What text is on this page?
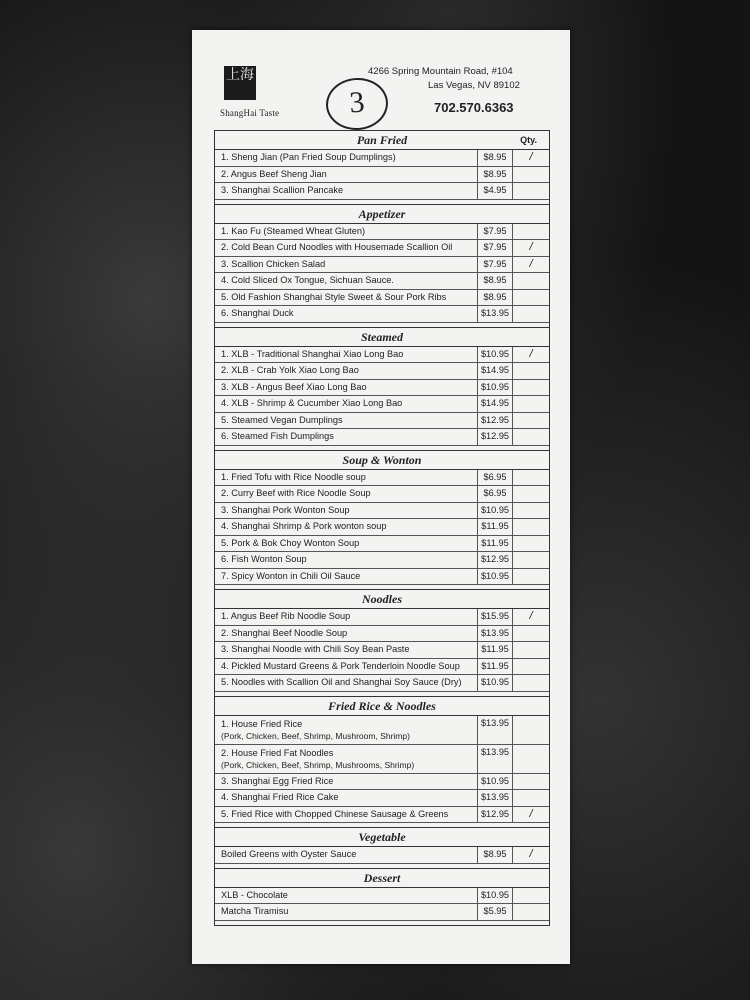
上海
ShangHai Taste	3
4266 Spring Mountain Road, #104
Las Vegas, NV 89102
702.570.6363
Pan Fried	Qty.
1. Sheng Jian (Pan Fried Soup Dumplings)	$8.95	/
2. Angus Beef Sheng Jian	$8.95
3. Shanghai Scallion Pancake	$4.95
Appetizer
1. Kao Fu (Steamed Wheat Gluten)	$7.95
2. Cold Bean Curd Noodles with Housemade Scallion Oil	$7.95	/
3. Scallion Chicken Salad	$7.95	/
4. Cold Sliced Ox Tongue, Sichuan Sauce.	$8.95
5. Old Fashion Shanghai Style Sweet & Sour Pork Ribs	$8.95
6. Shanghai Duck	$13.95
Steamed
1. XLB - Traditional Shanghai Xiao Long Bao	$10.95	/
2. XLB - Crab Yolk Xiao Long Bao	$14.95
3. XLB - Angus Beef Xiao Long Bao	$10.95
4. XLB - Shrimp & Cucumber Xiao Long Bao	$14.95
5. Steamed Vegan Dumplings	$12.95
6. Steamed Fish Dumplings	$12.95
Soup & Wonton
1. Fried Tofu with Rice Noodle soup	$6.95
2. Curry Beef with Rice Noodle Soup	$6.95
3. Shanghai Pork Wonton Soup	$10.95
4. Shanghai Shrimp & Pork wonton soup	$11.95
5. Pork & Bok Choy Wonton Soup	$11.95
6. Fish Wonton Soup	$12.95
7. Spicy Wonton in Chili Oil Sauce	$10.95
Noodles
1. Angus Beef Rib Noodle Soup	$15.95	/
2. Shanghai Beef Noodle Soup	$13.95
3. Shanghai Noodle with Chili Soy Bean Paste	$11.95
4. Pickled Mustard Greens & Pork Tenderloin Noodle Soup	$11.95
5. Noodles with Scallion Oil and Shanghai Soy Sauce (Dry)	$10.95
Fried Rice & Noodles
1. House Fried Rice
(Pork, Chicken, Beef, Shrimp, Mushroom, Shrimp)
$13.95
2. House Fried Fat Noodles
(Pork, Chicken, Beef, Shrimp, Mushrooms, Shrimp)
$13.95
3. Shanghai Egg Fried Rice	$10.95
4. Shanghai Fried Rice Cake	$13.95
5. Fried Rice with Chopped Chinese Sausage & Greens	$12.95	/
Vegetable
Boiled Greens with Oyster Sauce	$8.95	/
Dessert
XLB - Chocolate	$10.95
Matcha Tiramisu	$5.95
